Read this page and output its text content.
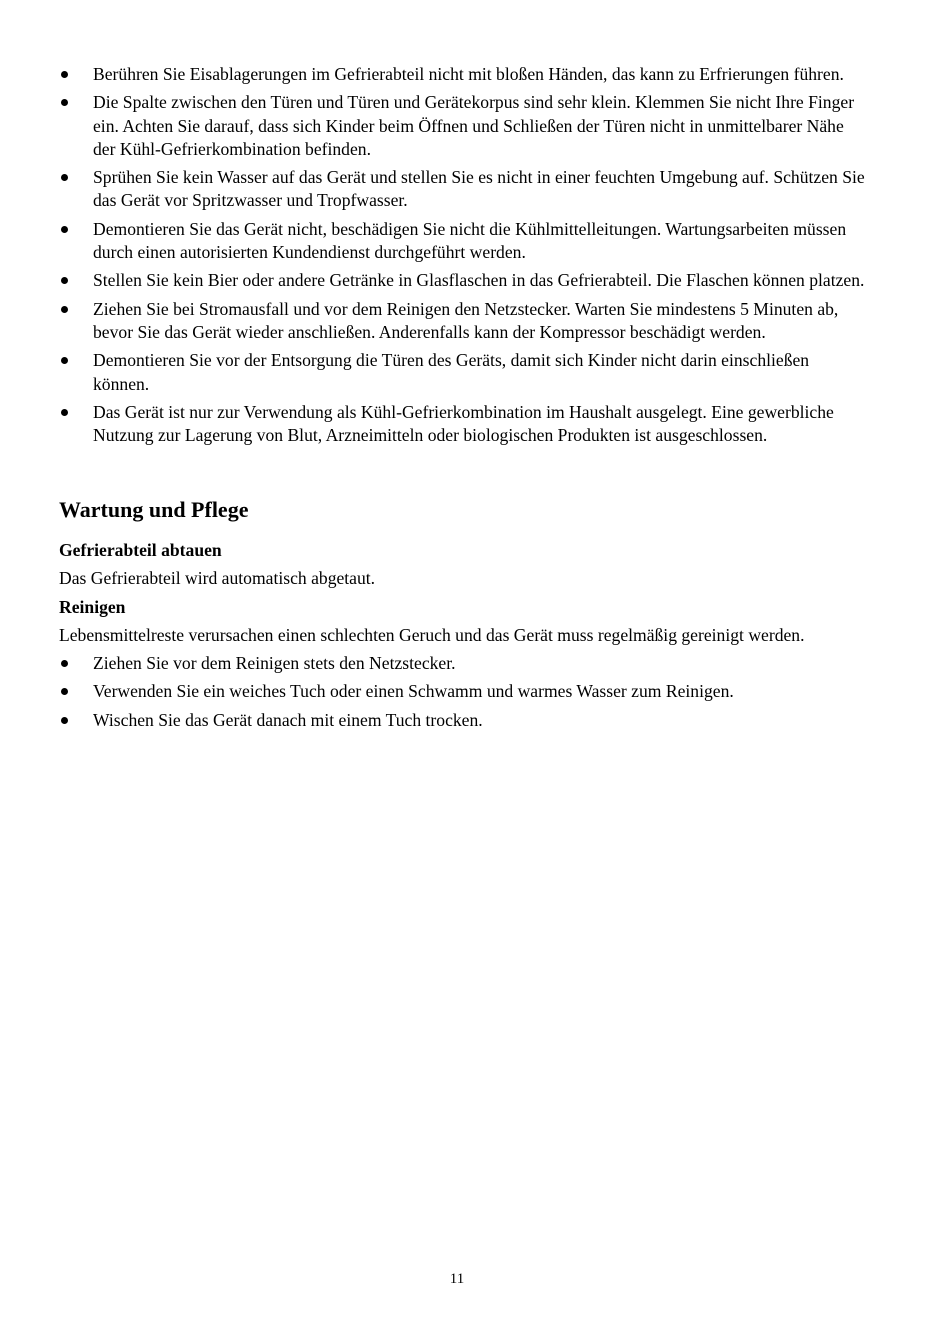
Berühren Sie Eisablagerungen im Gefrierabteil nicht mit bloßen Händen, das kann zu Erfrierungen führen.
Die Spalte zwischen den Türen und Türen und Gerätekorpus sind sehr klein. Klemmen Sie nicht Ihre Finger ein. Achten Sie darauf, dass sich Kinder beim Öffnen und Schließen der Türen nicht in unmittelbarer Nähe der Kühl-Gefrierkombination befinden.
Sprühen Sie kein Wasser auf das Gerät und stellen Sie es nicht in einer feuchten Umgebung auf. Schützen Sie das Gerät vor Spritzwasser und Tropfwasser.
Demontieren Sie das Gerät nicht, beschädigen Sie nicht die Kühlmittelleitungen. Wartungsarbeiten müssen durch einen autorisierten Kundendienst durchgeführt werden.
Stellen Sie kein Bier oder andere Getränke in Glasflaschen in das Gefrierabteil. Die Flaschen können platzen.
Ziehen Sie bei Stromausfall und vor dem Reinigen den Netzstecker. Warten Sie mindestens 5 Minuten ab, bevor Sie das Gerät wieder anschließen. Anderenfalls kann der Kompressor beschädigt werden.
Demontieren Sie vor der Entsorgung die Türen des Geräts, damit sich Kinder nicht darin einschließen können.
Das Gerät ist nur zur Verwendung als Kühl-Gefrierkombination im Haushalt ausgelegt. Eine gewerbliche Nutzung zur Lagerung von Blut, Arzneimitteln oder biologischen Produkten ist ausgeschlossen.
Wartung und Pflege
Gefrierabteil abtauen
Das Gefrierabteil wird automatisch abgetaut.
Reinigen
Lebensmittelreste verursachen einen schlechten Geruch und das Gerät muss regelmäßig gereinigt werden.
Ziehen Sie vor dem Reinigen stets den Netzstecker.
Verwenden Sie ein weiches Tuch oder einen Schwamm und warmes Wasser zum Reinigen.
Wischen Sie das Gerät danach mit einem Tuch trocken.
11
